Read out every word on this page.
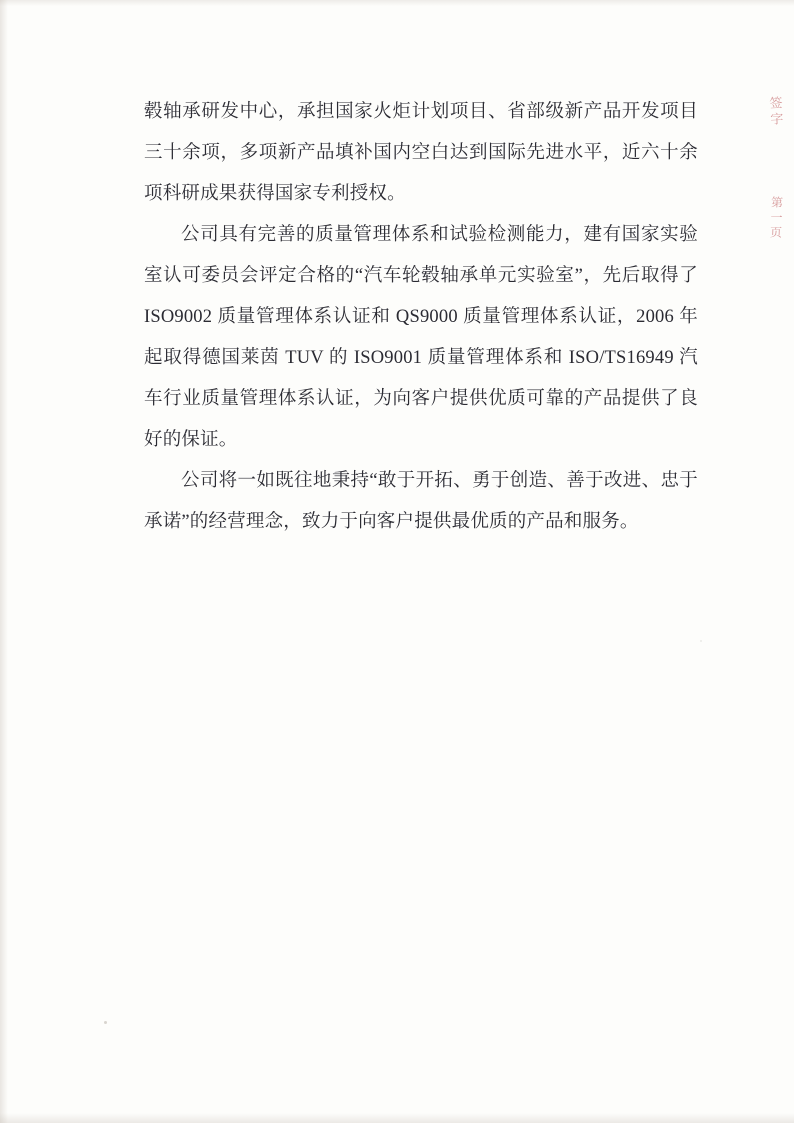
毂轴承研发中心，承担国家火炬计划项目、省部级新产品开发项目三十余项，多项新产品填补国内空白达到国际先进水平，近六十余项科研成果获得国家专利授权。

公司具有完善的质量管理体系和试验检测能力，建有国家实验室认可委员会评定合格的“汽车轮毂轴承单元实验室”，先后取得了 ISO9002 质量管理体系认证和 QS9000 质量管理体系认证，2006 年起取得德国莱茵 TUV 的 ISO9001 质量管理体系和 ISO/TS16949 汽车行业质量管理体系认证，为向客户提供优质可靠的产品提供了良好的保证。

公司将一如既往地秉持“敢于开拓、勇于创造、善于改进、忠于承诺”的经营理念，致力于向客户提供最优质的产品和服务。

签字
第一页
